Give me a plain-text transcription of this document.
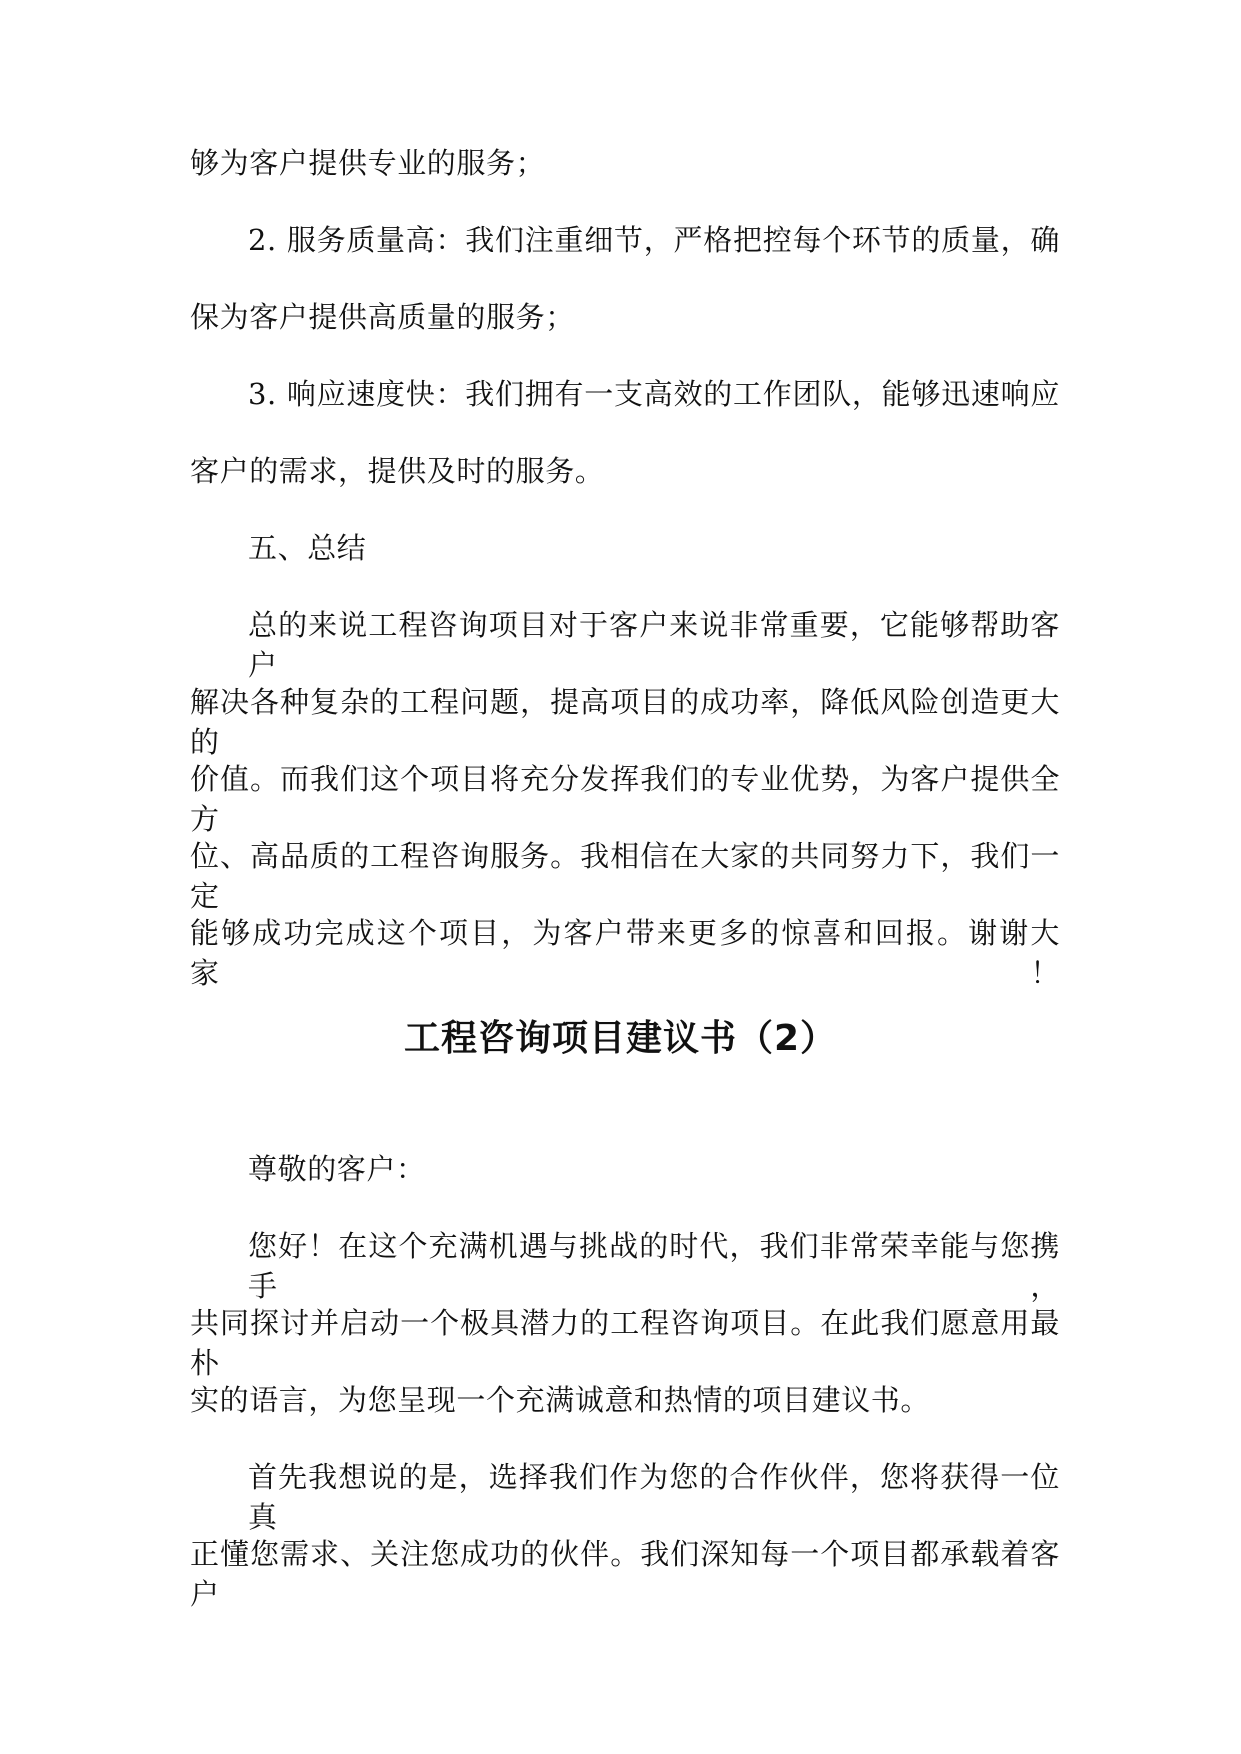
够为客户提供专业的服务；
2. 服务质量高：我们注重细节，严格把控每个环节的质量，确
保为客户提供高质量的服务；
3. 响应速度快：我们拥有一支高效的工作团队，能够迅速响应
客户的需求，提供及时的服务。
五、总结
总的来说工程咨询项目对于客户来说非常重要，它能够帮助客户
解决各种复杂的工程问题，提高项目的成功率，降低风险创造更大的
价值。而我们这个项目将充分发挥我们的专业优势，为客户提供全方
位、高品质的工程咨询服务。我相信在大家的共同努力下，我们一定
能够成功完成这个项目，为客户带来更多的惊喜和回报。谢谢大家！
工程咨询项目建议书（2）
尊敬的客户：
您好！在这个充满机遇与挑战的时代，我们非常荣幸能与您携手，
共同探讨并启动一个极具潜力的工程咨询项目。在此我们愿意用最朴
实的语言，为您呈现一个充满诚意和热情的项目建议书。
首先我想说的是，选择我们作为您的合作伙伴，您将获得一位真
正懂您需求、关注您成功的伙伴。我们深知每一个项目都承载着客户
